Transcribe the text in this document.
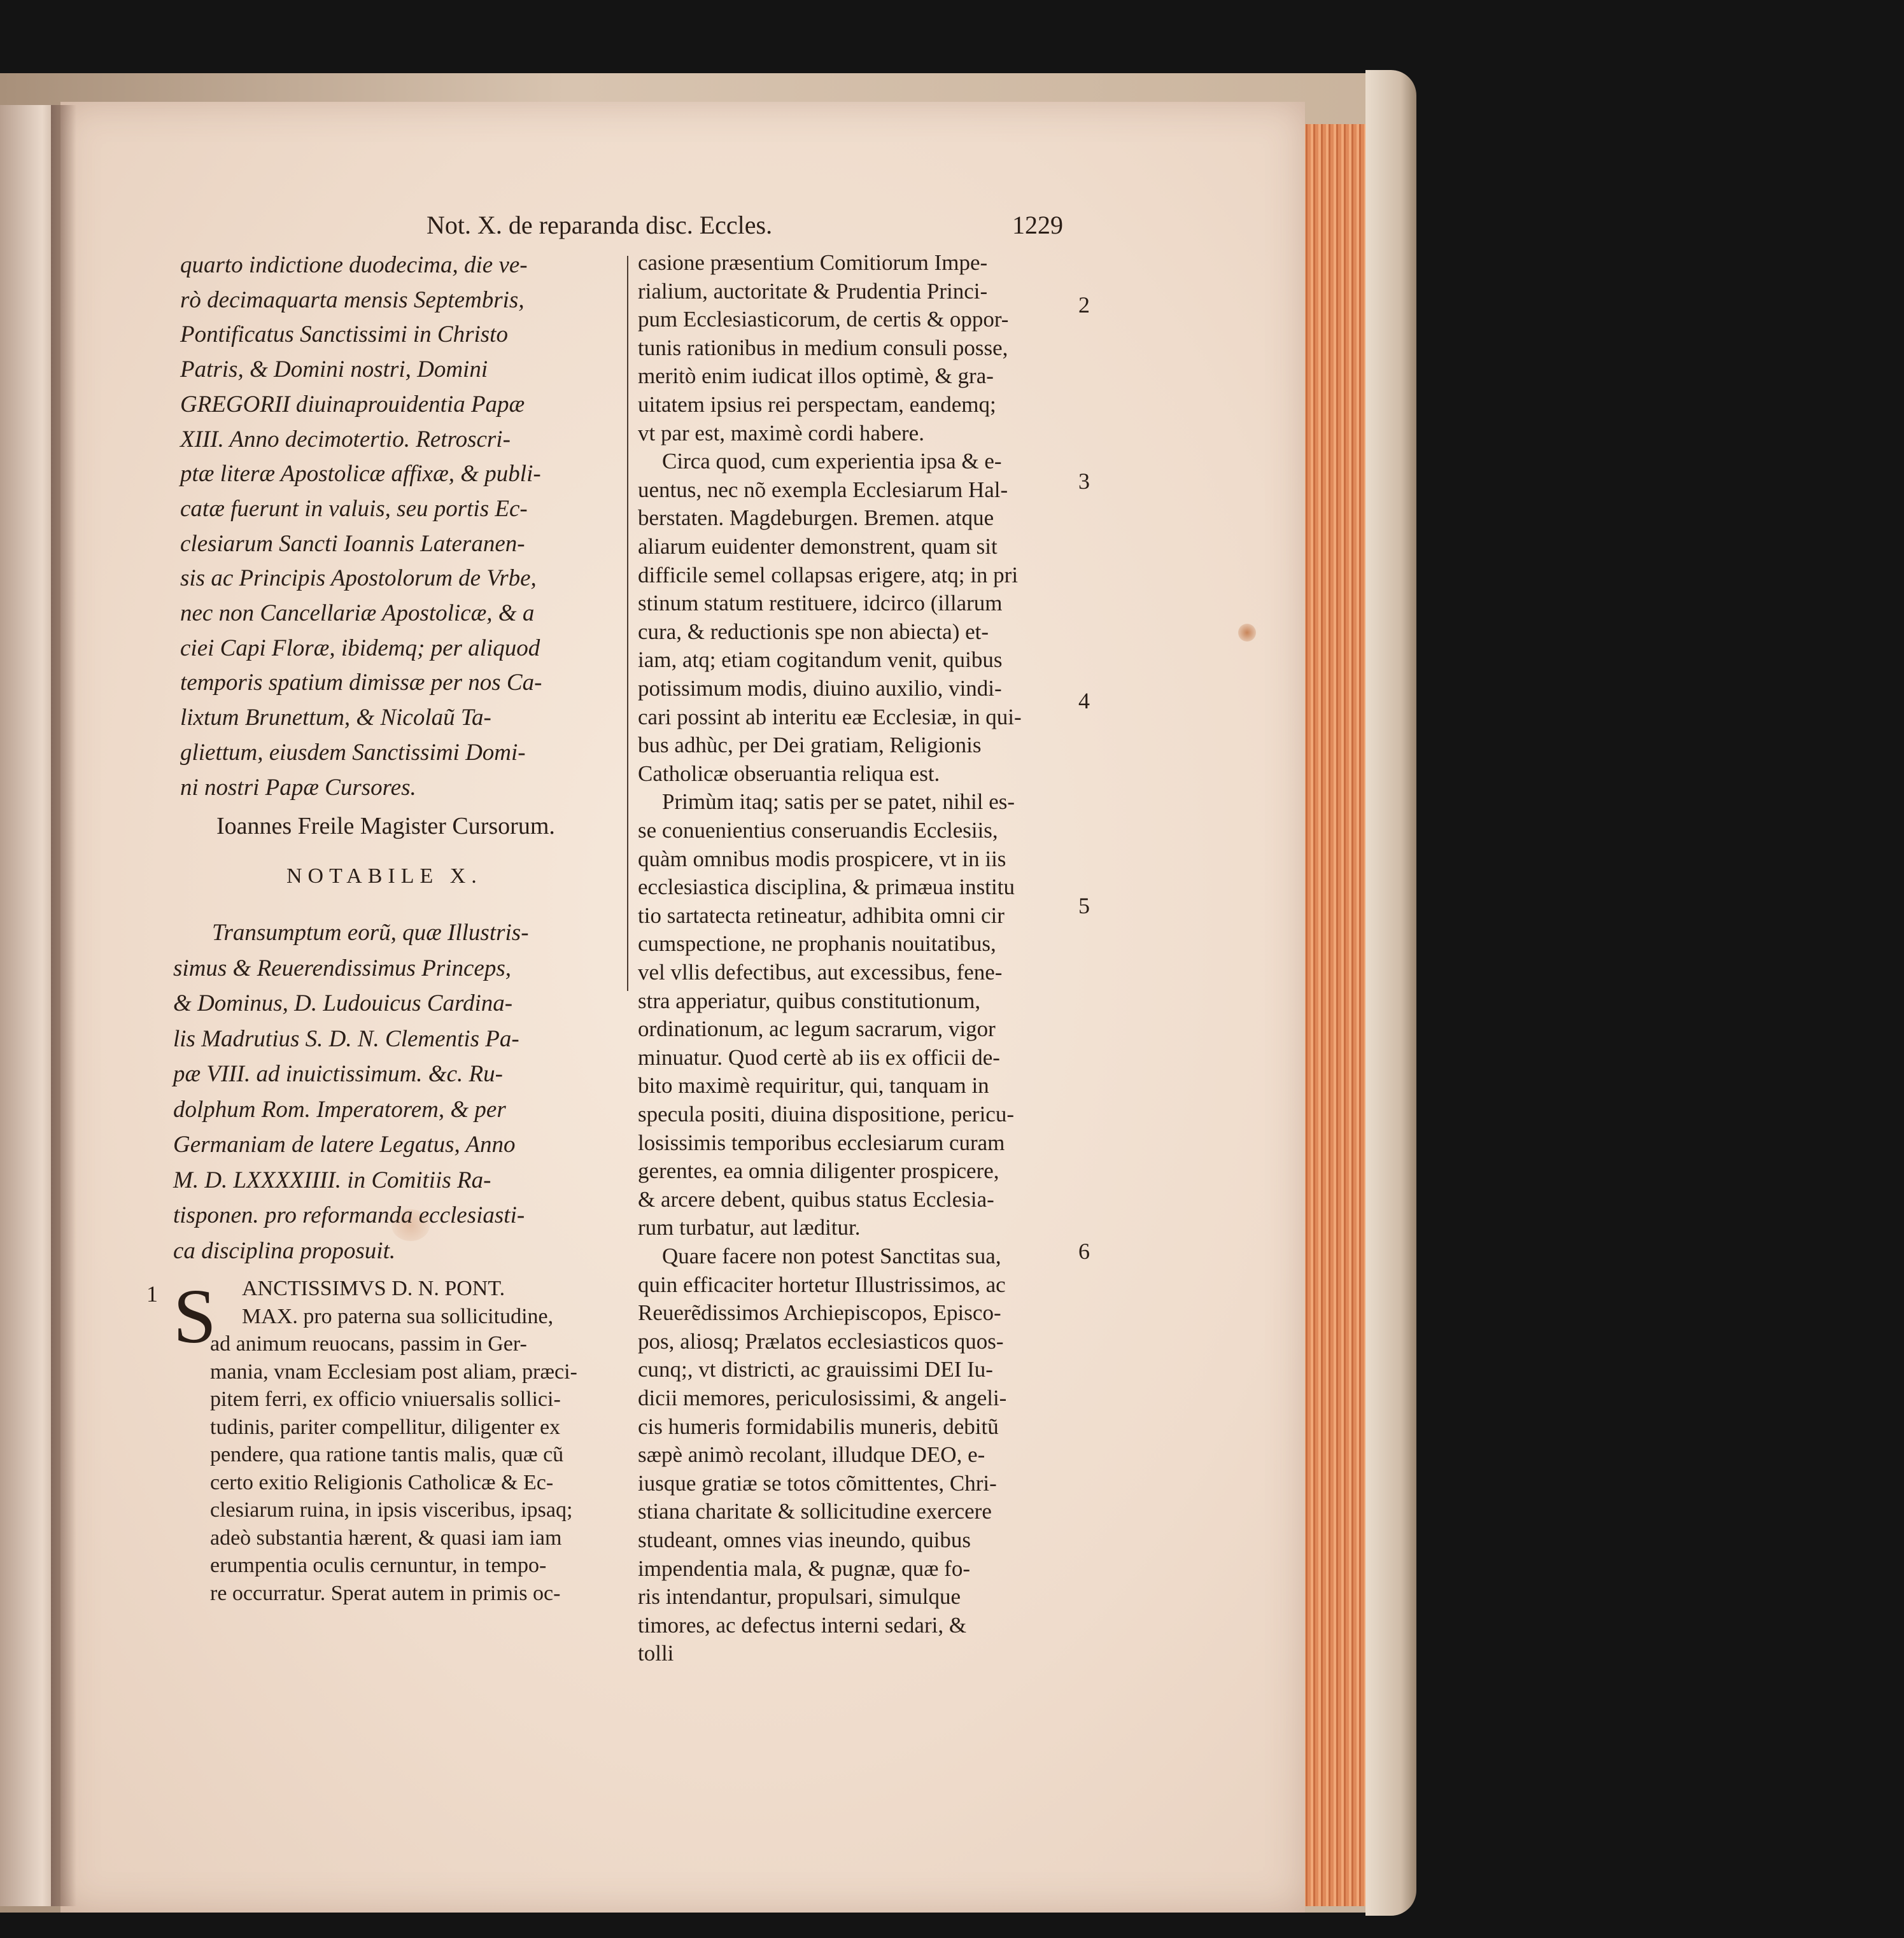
Not. X. de reparanda disc. Eccles.	1229
quarto indictione duodecima, die ve-
rò decimaquarta mensis Septembris,
Pontificatus Sanctissimi in Christo
Patris, & Domini nostri, Domini
GREGORII diuinaprouidentia Papæ
XIII. Anno decimotertio. Retroscri-
ptæ literæ Apostolicæ affixæ, & publi-
catæ fuerunt in valuis, seu portis Ec-
clesiarum Sancti Ioannis Lateranen-
sis ac Principis Apostolorum de Vrbe,
nec non Cancellariæ Apostolicæ, & a
ciei Capi Floræ, ibidemq; per aliquod
temporis spatium dimissæ per nos Ca-
lixtum Brunettum, & Nicolaũ Ta-
gliettum, eiusdem Sanctissimi Domi-
ni nostri Papæ Cursores.
Ioannes Freile Magister Cursorum.
NOTABILE X.
Transumptum eorũ, quæ Illustris-
simus & Reuerendissimus Princeps,
& Dominus, D. Ludouicus Cardina-
lis Madrutius S. D. N. Clementis Pa-
pæ VIII. ad inuictissimum. &c. Ru-
dolphum Rom. Imperatorem, & per
Germaniam de latere Legatus, Anno
M. D. LXXXXIIII. in Comitiis Ra-
tisponen. pro reformanda ecclesiasti-
ca disciplina proposuit.
S ANCTISSIMVS D. N. PONT.
MAX. pro paterna sua sollicitudine,
ad animum reuocans, passim in Ger-
mania, vnam Ecclesiam post aliam, præci-
pitem ferri, ex officio vniuersalis sollici-
tudinis, pariter compellitur, diligenter ex
pendere, qua ratione tantis malis, quæ cũ
certo exitio Religionis Catholicæ & Ec-
clesiarum ruina, in ipsis visceribus, ipsaq;
adeò substantia hærent, & quasi iam iam
erumpentia oculis cernuntur, in tempo-
re occurratur. Sperat autem in primis oc-
1
casione præsentium Comitiorum Impe-
rialium, auctoritate & Prudentia Princi-
pum Ecclesiasticorum, de certis & oppor-
tunis rationibus in medium consuli posse,
meritò enim iudicat illos optimè, & gra-
uitatem ipsius rei perspectam, eandemq;
vt par est, maximè cordi habere.
Circa quod, cum experientia ipsa & e-
uentus, nec nõ exempla Ecclesiarum Hal-
berstaten. Magdeburgen. Bremen. atque
aliarum euidenter demonstrent, quam sit
difficile semel collapsas erigere, atq; in pri
stinum statum restituere, idcirco (illarum
cura, & reductionis spe non abiecta) et-
iam, atq; etiam cogitandum venit, quibus
potissimum modis, diuino auxilio, vindi-
cari possint ab interitu eæ Ecclesiæ, in qui-
bus adhùc, per Dei gratiam, Religionis
Catholicæ obseruantia reliqua est.
Primùm itaq; satis per se patet, nihil es-
se conuenientius conseruandis Ecclesiis,
quàm omnibus modis prospicere, vt in iis
ecclesiastica disciplina, & primæua institu
tio sartatecta retineatur, adhibita omni cir
cumspectione, ne prophanis nouitatibus,
vel vllis defectibus, aut excessibus, fene-
stra apperiatur, quibus constitutionum,
ordinationum, ac legum sacrarum, vigor
minuatur. Quod certè ab iis ex officii de-
bito maximè requiritur, qui, tanquam in
specula positi, diuina dispositione, pericu-
losissimis temporibus ecclesiarum curam
gerentes, ea omnia diligenter prospicere,
& arcere debent, quibus status Ecclesia-
rum turbatur, aut læditur.
Quare facere non potest Sanctitas sua,
quin efficaciter hortetur Illustrissimos, ac
Reuerẽdissimos Archiepiscopos, Episco-
pos, aliosq; Prælatos ecclesiasticos quos-
cunq;, vt districti, ac grauissimi DEI Iu-
dicii memores, periculosissimi, & angeli-
cis humeris formidabilis muneris, debitũ
sæpè animò recolant, illudque DEO, e-
iusque gratiæ se totos cõmittentes, Chri-
stiana charitate & sollicitudine exercere
studeant, omnes vias ineundo, quibus
impendentia mala, & pugnæ, quæ fo-
ris intendantur, propulsari, simulque
timores, ac defectus interni sedari, &
tolli
2
3
4
5
6
